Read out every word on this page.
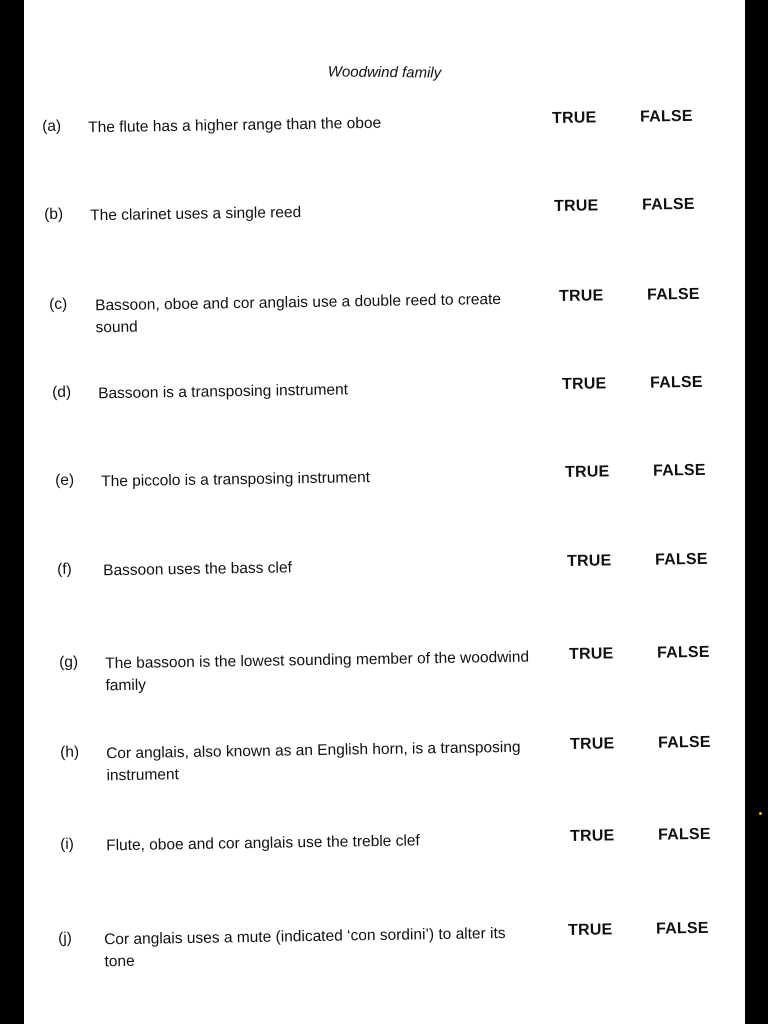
Woodwind family
(a) The flute has a higher range than the oboe	TRUE	FALSE
(b) The clarinet uses a single reed	TRUE	FALSE
(c) Bassoon, oboe and cor anglais use a double reed to create sound
TRUE	FALSE
(d) Bassoon is a transposing instrument	TRUE	FALSE
(e) The piccolo is a transposing instrument	TRUE	FALSE
(f) Bassoon uses the bass clef	TRUE	FALSE
(g) The bassoon is the lowest sounding member of the woodwind family
TRUE	FALSE
(h) Cor anglais, also known as an English horn, is a transposing instrument
TRUE	FALSE
(i) Flute, oboe and cor anglais use the treble clef	TRUE	FALSE
(j) Cor anglais uses a mute (indicated ‘con sordini’) to alter its tone
TRUE	FALSE
